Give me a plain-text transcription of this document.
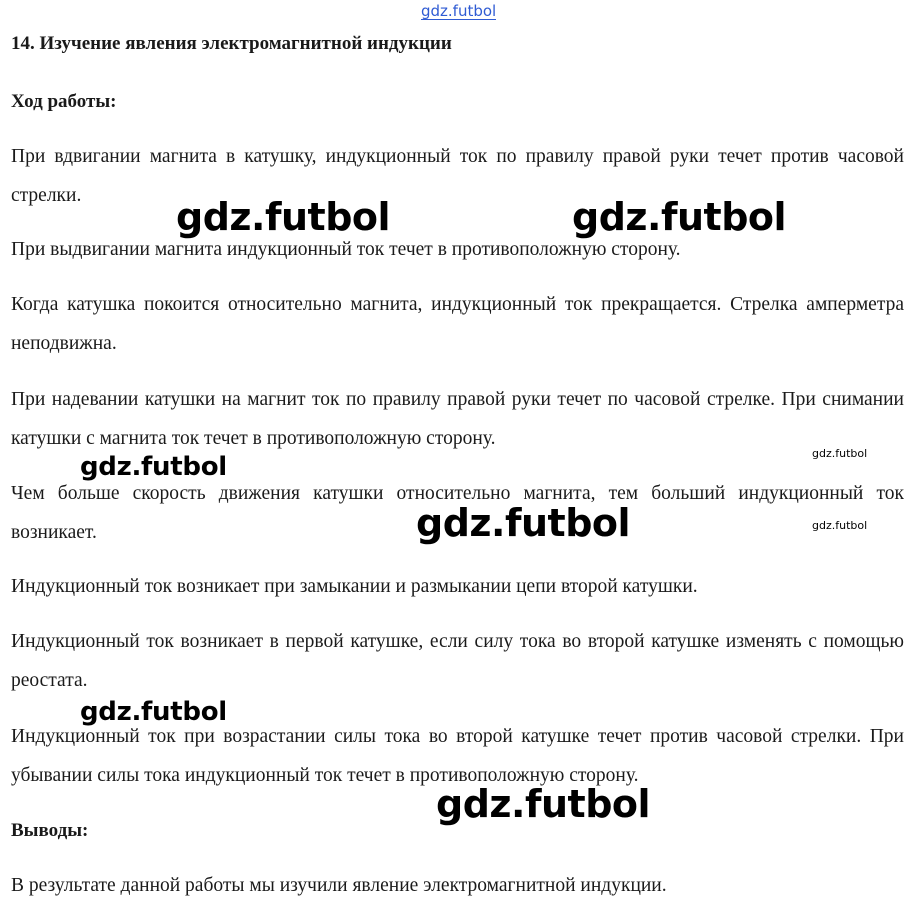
gdz.futbol
14. Изучение явления электромагнитной индукции
Ход работы:
При вдвигании магнита в катушку, индукционный ток по правилу правой руки течет против часовой стрелки.
При выдвигании магнита индукционный ток течет в противоположную сторону.
Когда катушка покоится относительно магнита, индукционный ток прекращается. Стрелка амперметра неподвижна.
При надевании катушки на магнит ток по правилу правой руки течет по часовой стрелке. При снимании катушки с магнита ток течет в противоположную сторону.
Чем больше скорость движения катушки относительно магнита, тем больший индукционный ток возникает.
Индукционный ток возникает при замыкании и размыкании цепи второй катушки.
Индукционный ток возникает в первой катушке, если силу тока во второй катушке изменять с помощью реостата.
Индукционный ток при возрастании силы тока во второй катушке течет против часовой стрелки. При убывании силы тока индукционный ток течет в противоположную сторону.
Выводы:
В результате данной работы мы изучили явление электромагнитной индукции.
gdz.futbol	gdz.futbol
gdz.futbol	gdz.futbol
gdz.futbol	gdz.futbol
gdz.futbol
gdz.futbol
